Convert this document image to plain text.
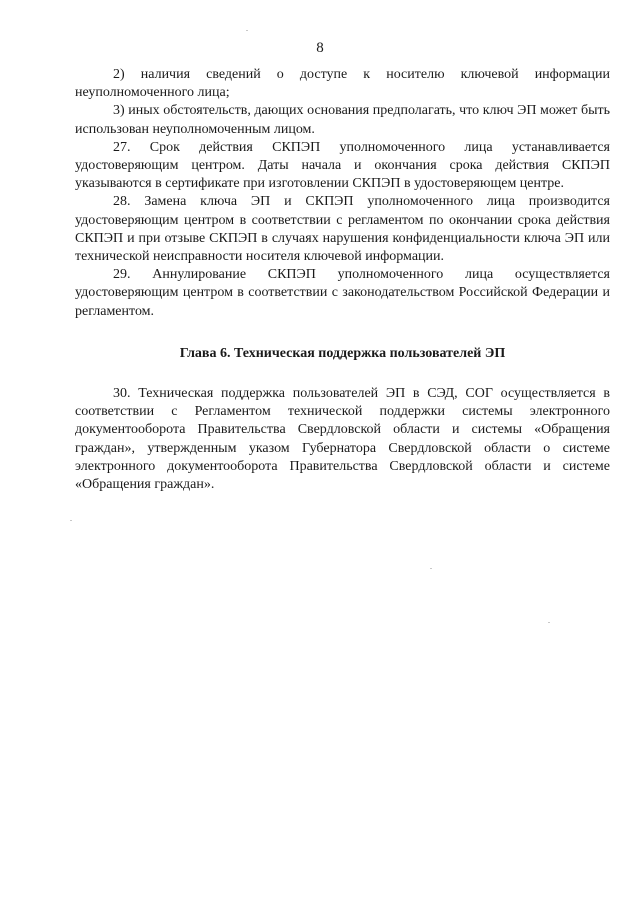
8

2) наличия сведений о доступе к носителю ключевой информации неуполномоченного лица;

3) иных обстоятельств, дающих основания предполагать, что ключ ЭП может быть использован неуполномоченным лицом.

27. Срок действия СКПЭП уполномоченного лица устанавливается удостоверяющим центром. Даты начала и окончания срока действия СКПЭП указываются в сертификате при изготовлении СКПЭП в удостоверяющем центре.

28. Замена ключа ЭП и СКПЭП уполномоченного лица производится удостоверяющим центром в соответствии с регламентом по окончании срока действия СКПЭП и при отзыве СКПЭП в случаях нарушения конфиденциальности ключа ЭП или технической неисправности носителя ключевой информации.

29. Аннулирование СКПЭП уполномоченного лица осуществляется удостоверяющим центром в соответствии с законодательством Российской Федерации и регламентом.

Глава 6. Техническая поддержка пользователей ЭП

30. Техническая поддержка пользователей ЭП в СЭД, СОГ осуществляется в соответствии с Регламентом технической поддержки системы электронного документооборота Правительства Свердловской области и системы «Обращения граждан», утвержденным указом Губернатора Свердловской области о системе электронного документооборота Правительства Свердловской области и системе «Обращения граждан».
